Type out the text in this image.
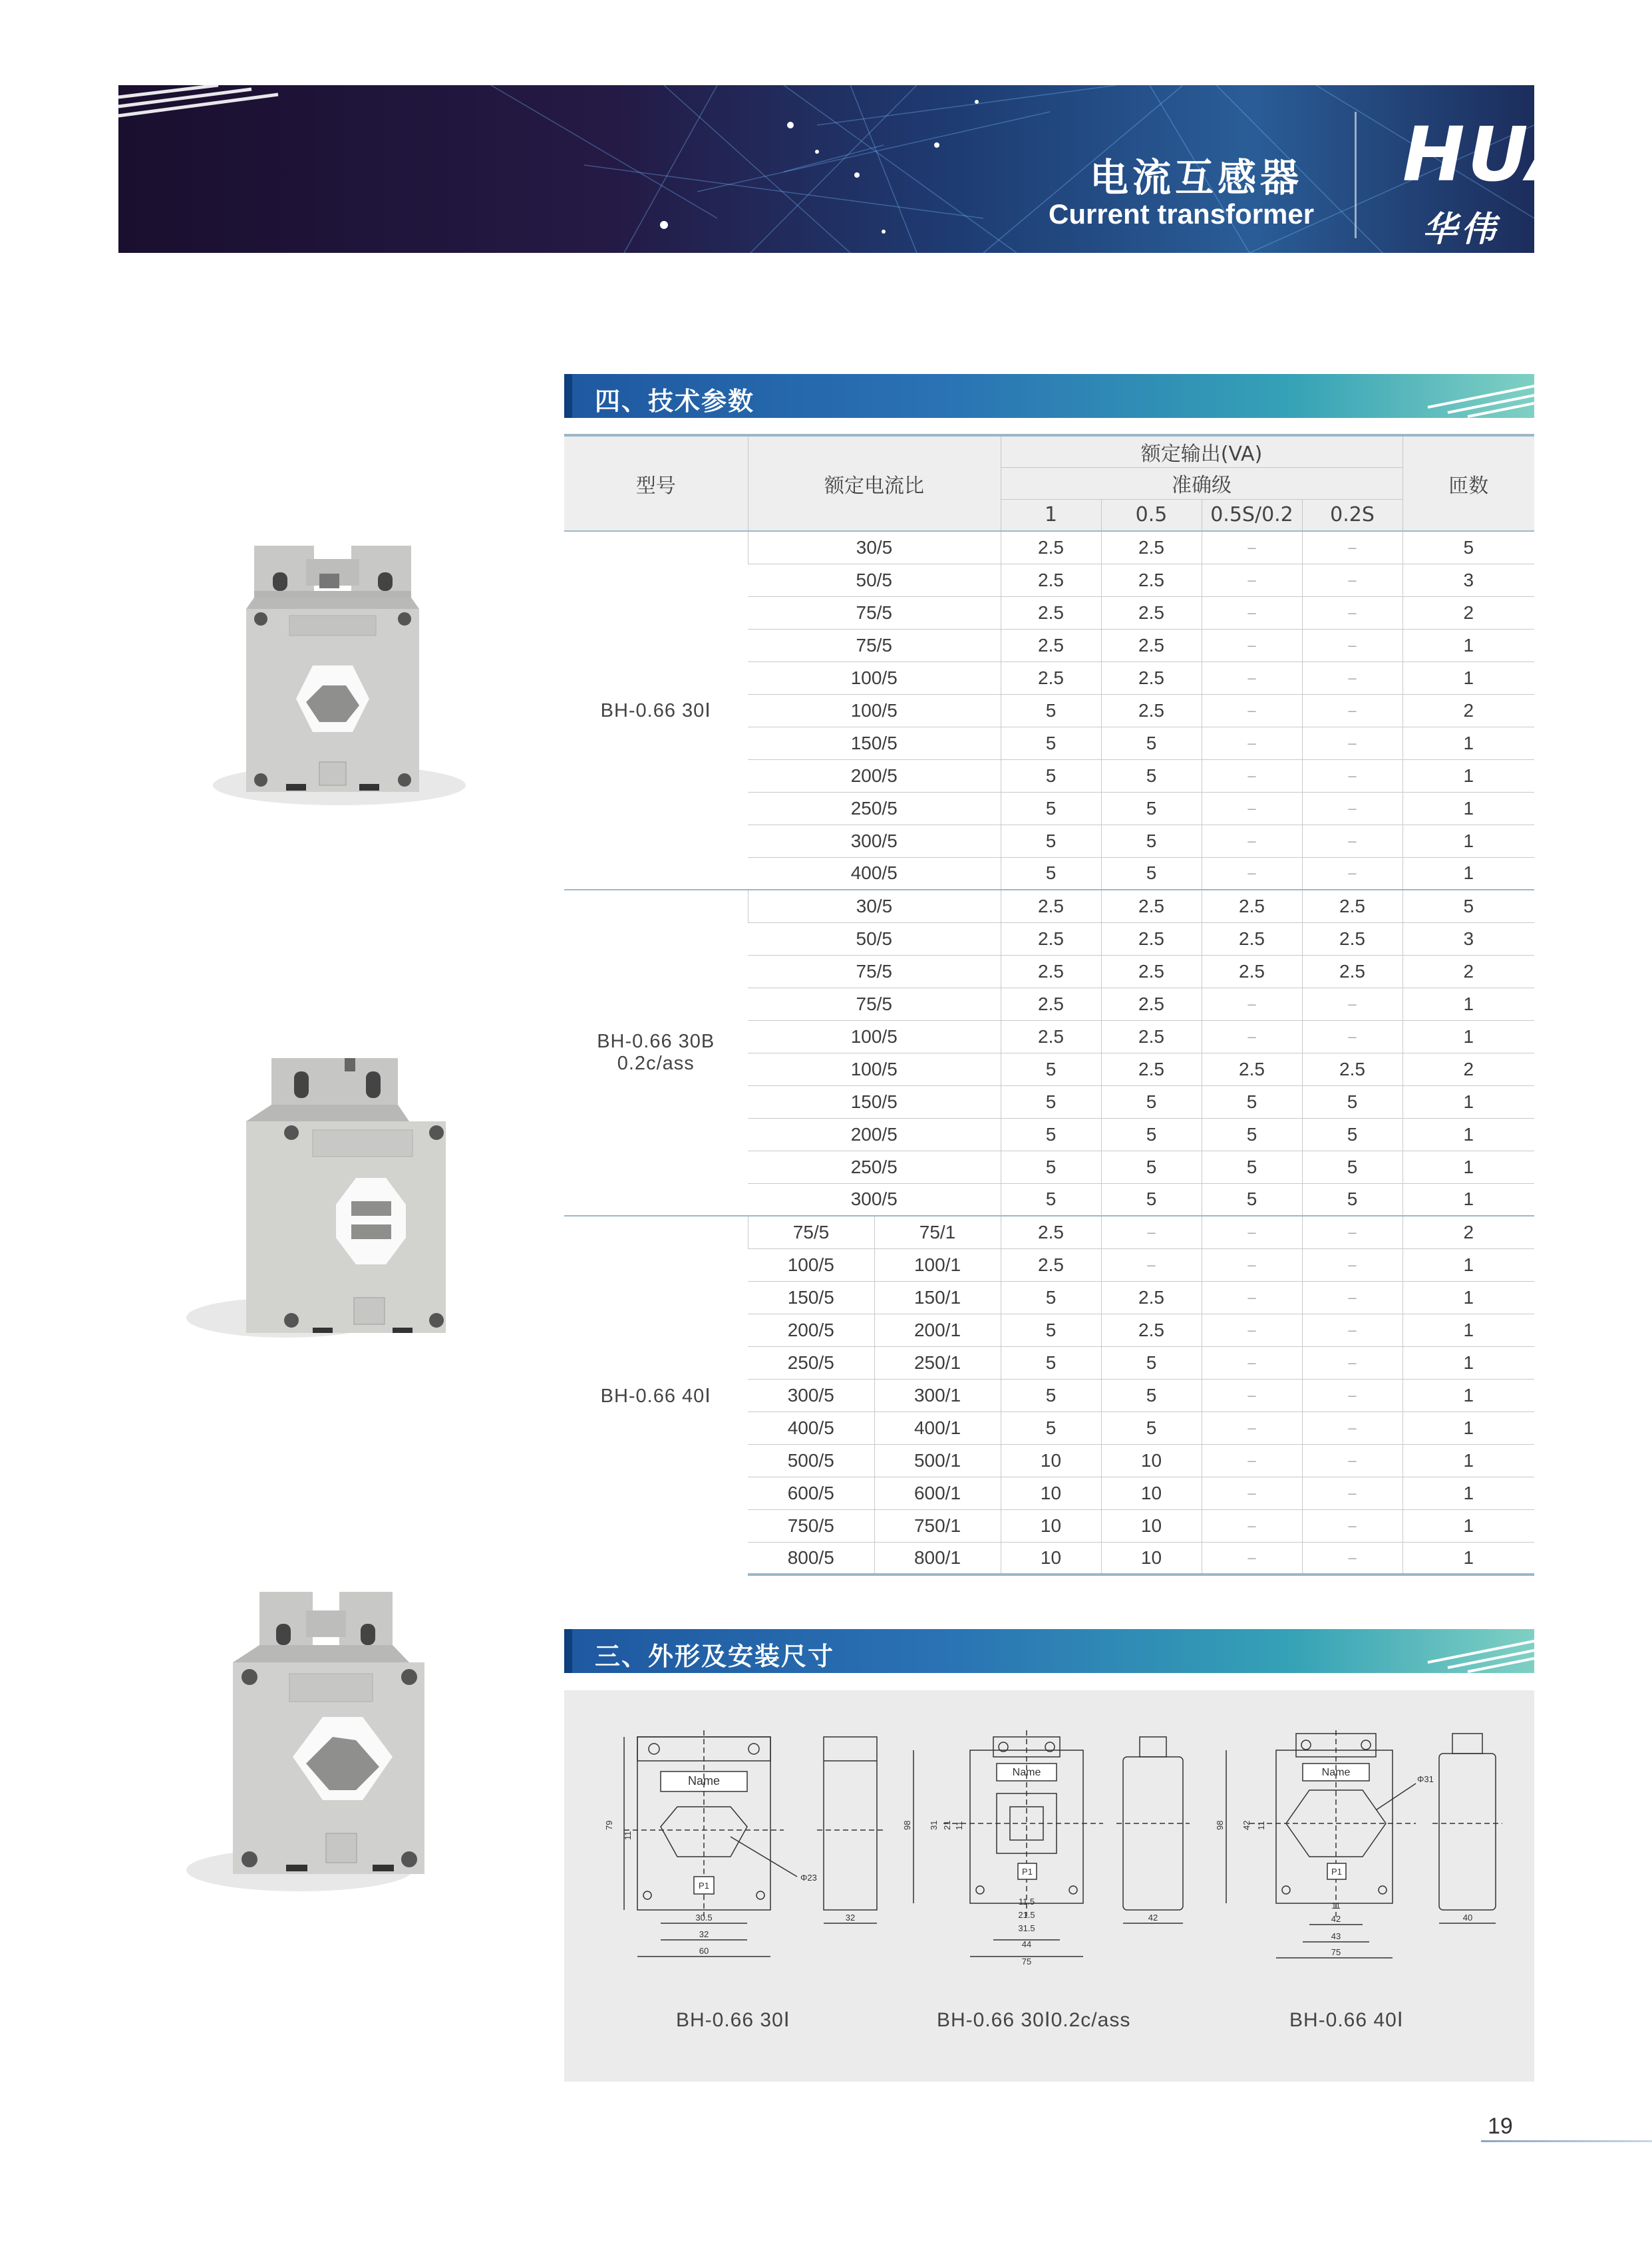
电流互感器
Current transformer
HUA
华伟仪表
四、技术参数
型号	额定电流比		额定输出(VA)				匝数
			准确级				
			1	0.5	0.5S/0.2	0.2S	

BH-0.66 30Ⅰ	30/5		2.5	2.5	–	–	5
	50/5		2.5	2.5	–	–	3
	75/5		2.5	2.5	–	–	2
	75/5		2.5	2.5	–	–	1
	100/5		2.5	2.5	–	–	1
	100/5		5	2.5	–	–	2
	150/5		5	5	–	–	1
	200/5		5	5	–	–	1
	250/5		5	5	–	–	1
	300/5		5	5	–	–	1
	400/5		5	5	–	–	1

BH-0.66 30B
0.2c/ass	30/5		2.5	2.5	2.5	2.5	5
	50/5		2.5	2.5	2.5	2.5	3
	75/5		2.5	2.5	2.5	2.5	2
	75/5		2.5	2.5	–	–	1
	100/5		2.5	2.5	–	–	1
	100/5		5	2.5	2.5	2.5	2
	150/5		5	5	5	5	1
	200/5		5	5	5	5	1
	250/5		5	5	5	5	1
	300/5		5	5	5	5	1

BH-0.66 40Ⅰ	75/5	75/1	2.5	–	–	–	2
	100/5	100/1	2.5	–	–	–	1
	150/5	150/1	5	2.5	–	–	1
	200/5	200/1	5	2.5	–	–	1
	250/5	250/1	5	5	–	–	1
	300/5	300/1	5	5	–	–	1
	400/5	400/1	5	5	–	–	1
	500/5	500/1	10	10	–	–	1
	600/5	600/1	10	10	–	–	1
	750/5	750/1	10	10	–	–	1
	800/5	800/1	10	10	–	–	1
三、外形及安装尺寸
Name
P1
79
11
30.5
32
60
Φ23
32
BH-0.66 30Ⅰ
Name
P1
98 31 21 11
11.5
21.5
31.5
44
75
42
BH-0.66 30Ⅰ0.2c/ass
Name
P1
98 42 11
Φ31
11
42
43
75
40
BH-0.66 40Ⅰ
19
